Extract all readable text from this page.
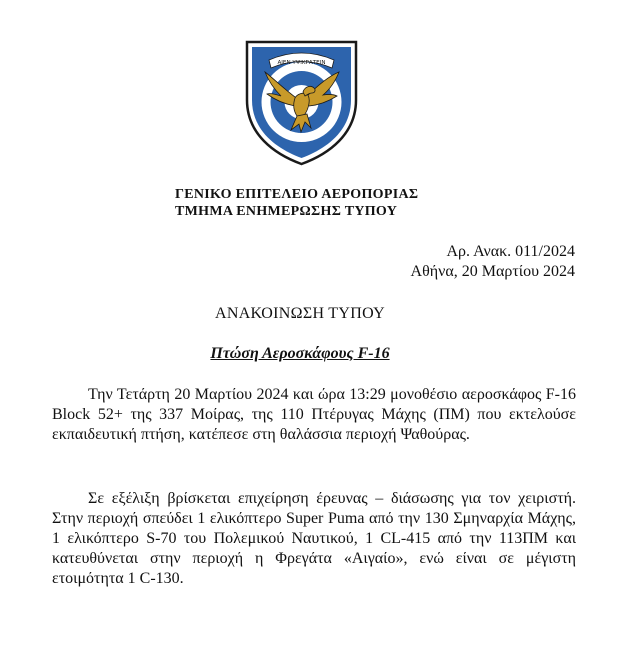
ΑΙΕΝ ΥΨΙΚΡΑΤΕΙΝ
ΓΕΝΙΚΟ ΕΠΙΤΕΛΕΙΟ ΑΕΡΟΠΟΡΙΑΣ
ΤΜΗΜΑ ΕΝΗΜΕΡΩΣΗΣ ΤΥΠΟΥ
Αρ. Ανακ. 011/2024
Αθήνα, 20 Μαρτίου 2024
ΑΝΑΚΟΙΝΩΣΗ ΤΥΠΟΥ
Πτώση Αεροσκάφους F-16

Την Τετάρτη 20 Μαρτίου 2024 και ώρα 13:29 μονοθέσιο αεροσκάφος F-16 Block 52+ της 337 Μοίρας, της 110 Πτέρυγας Μάχης (ΠΜ) που εκτελούσε εκπαιδευτική πτήση, κατέπεσε στη θαλάσσια περιοχή Ψαθούρας.

Σε εξέλιξη βρίσκεται επιχείρηση έρευνας – διάσωσης για τον χειριστή. Στην περιοχή σπεύδει 1 ελικόπτερο Super Puma από την 130 Σμηναρχία Μάχης, 1 ελικόπτερο S-70 του Πολεμικού Ναυτικού, 1 CL-415 από την 113ΠΜ και κατευθύνεται στην περιοχή η Φρεγάτα «Αιγαίο», ενώ είναι σε μέγιστη ετοιμότητα 1 C-130.
